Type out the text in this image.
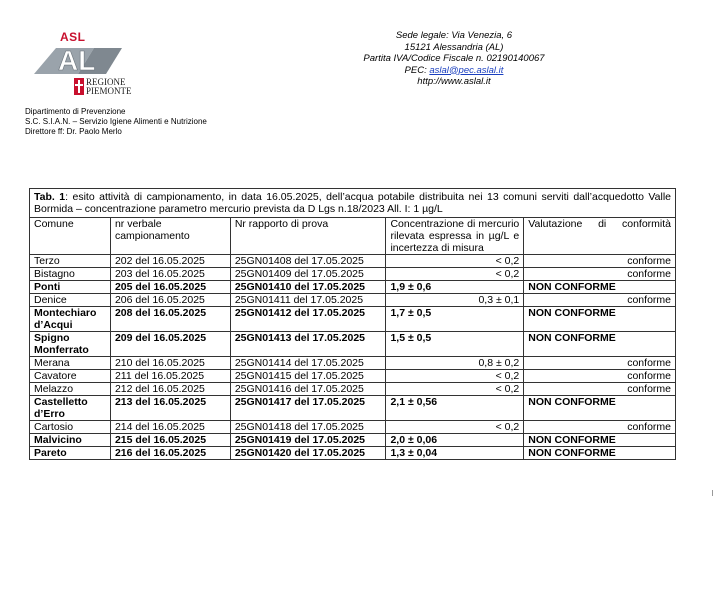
ASL
AL
REGIONE
PIEMONTE
Dipartimento di Prevenzione
S.C. S.I.A.N. – Servizio Igiene Alimenti e Nutrizione
Direttore ff: Dr. Paolo Merlo
Sede legale: Via Venezia, 6
15121 Alessandria (AL)
Partita IVA/Codice Fiscale n. 02190140067
PEC: aslal@pec.aslal.it
http://www.aslal.it
Tab. 1: esito attività di campionamento, in data 16.05.2025, dell’acqua potabile distribuita nei 13 comuni serviti dall’acquedotto Valle Bormida – concentrazione parametro mercurio prevista da D Lgs n.18/2023 All. I: 1 µg/L				
Comune	nr verbale campionamento	Nr rapporto di prova	Concentrazione di mercurio rilevata espressa in µg/L e incertezza di misura	Valutazione di conformità
Terzo	202 del 16.05.2025	25GN01408 del 17.05.2025	< 0,2	conforme
Bistagno	203 del 16.05.2025	25GN01409 del 17.05.2025	< 0,2	conforme
Ponti	205 del 16.05.2025	25GN01410 del 17.05.2025	1,9 ± 0,6	NON CONFORME
Denice	206 del 16.05.2025	25GN01411 del 17.05.2025	0,3 ± 0,1	conforme
Montechiaro d’Acqui	208 del 16.05.2025	25GN01412 del 17.05.2025	1,7 ± 0,5	NON CONFORME
Spigno Monferrato	209 del 16.05.2025	25GN01413 del 17.05.2025	1,5 ± 0,5	NON CONFORME
Merana	210 del 16.05.2025	25GN01414 del 17.05.2025	0,8 ± 0,2	conforme
Cavatore	211 del 16.05.2025	25GN01415 del 17.05.2025	< 0,2	conforme
Melazzo	212 del 16.05.2025	25GN01416 del 17.05.2025	< 0,2	conforme
Castelletto d’Erro	213 del 16.05.2025	25GN01417 del 17.05.2025	2,1 ± 0,56	NON CONFORME
Cartosio	214 del 16.05.2025	25GN01418 del 17.05.2025	< 0,2	conforme
Malvicino	215 del 16.05.2025	25GN01419 del 17.05.2025	2,0 ± 0,06	NON CONFORME
Pareto	216 del 16.05.2025	25GN01420 del 17.05.2025	1,3 ± 0,04	NON CONFORME
